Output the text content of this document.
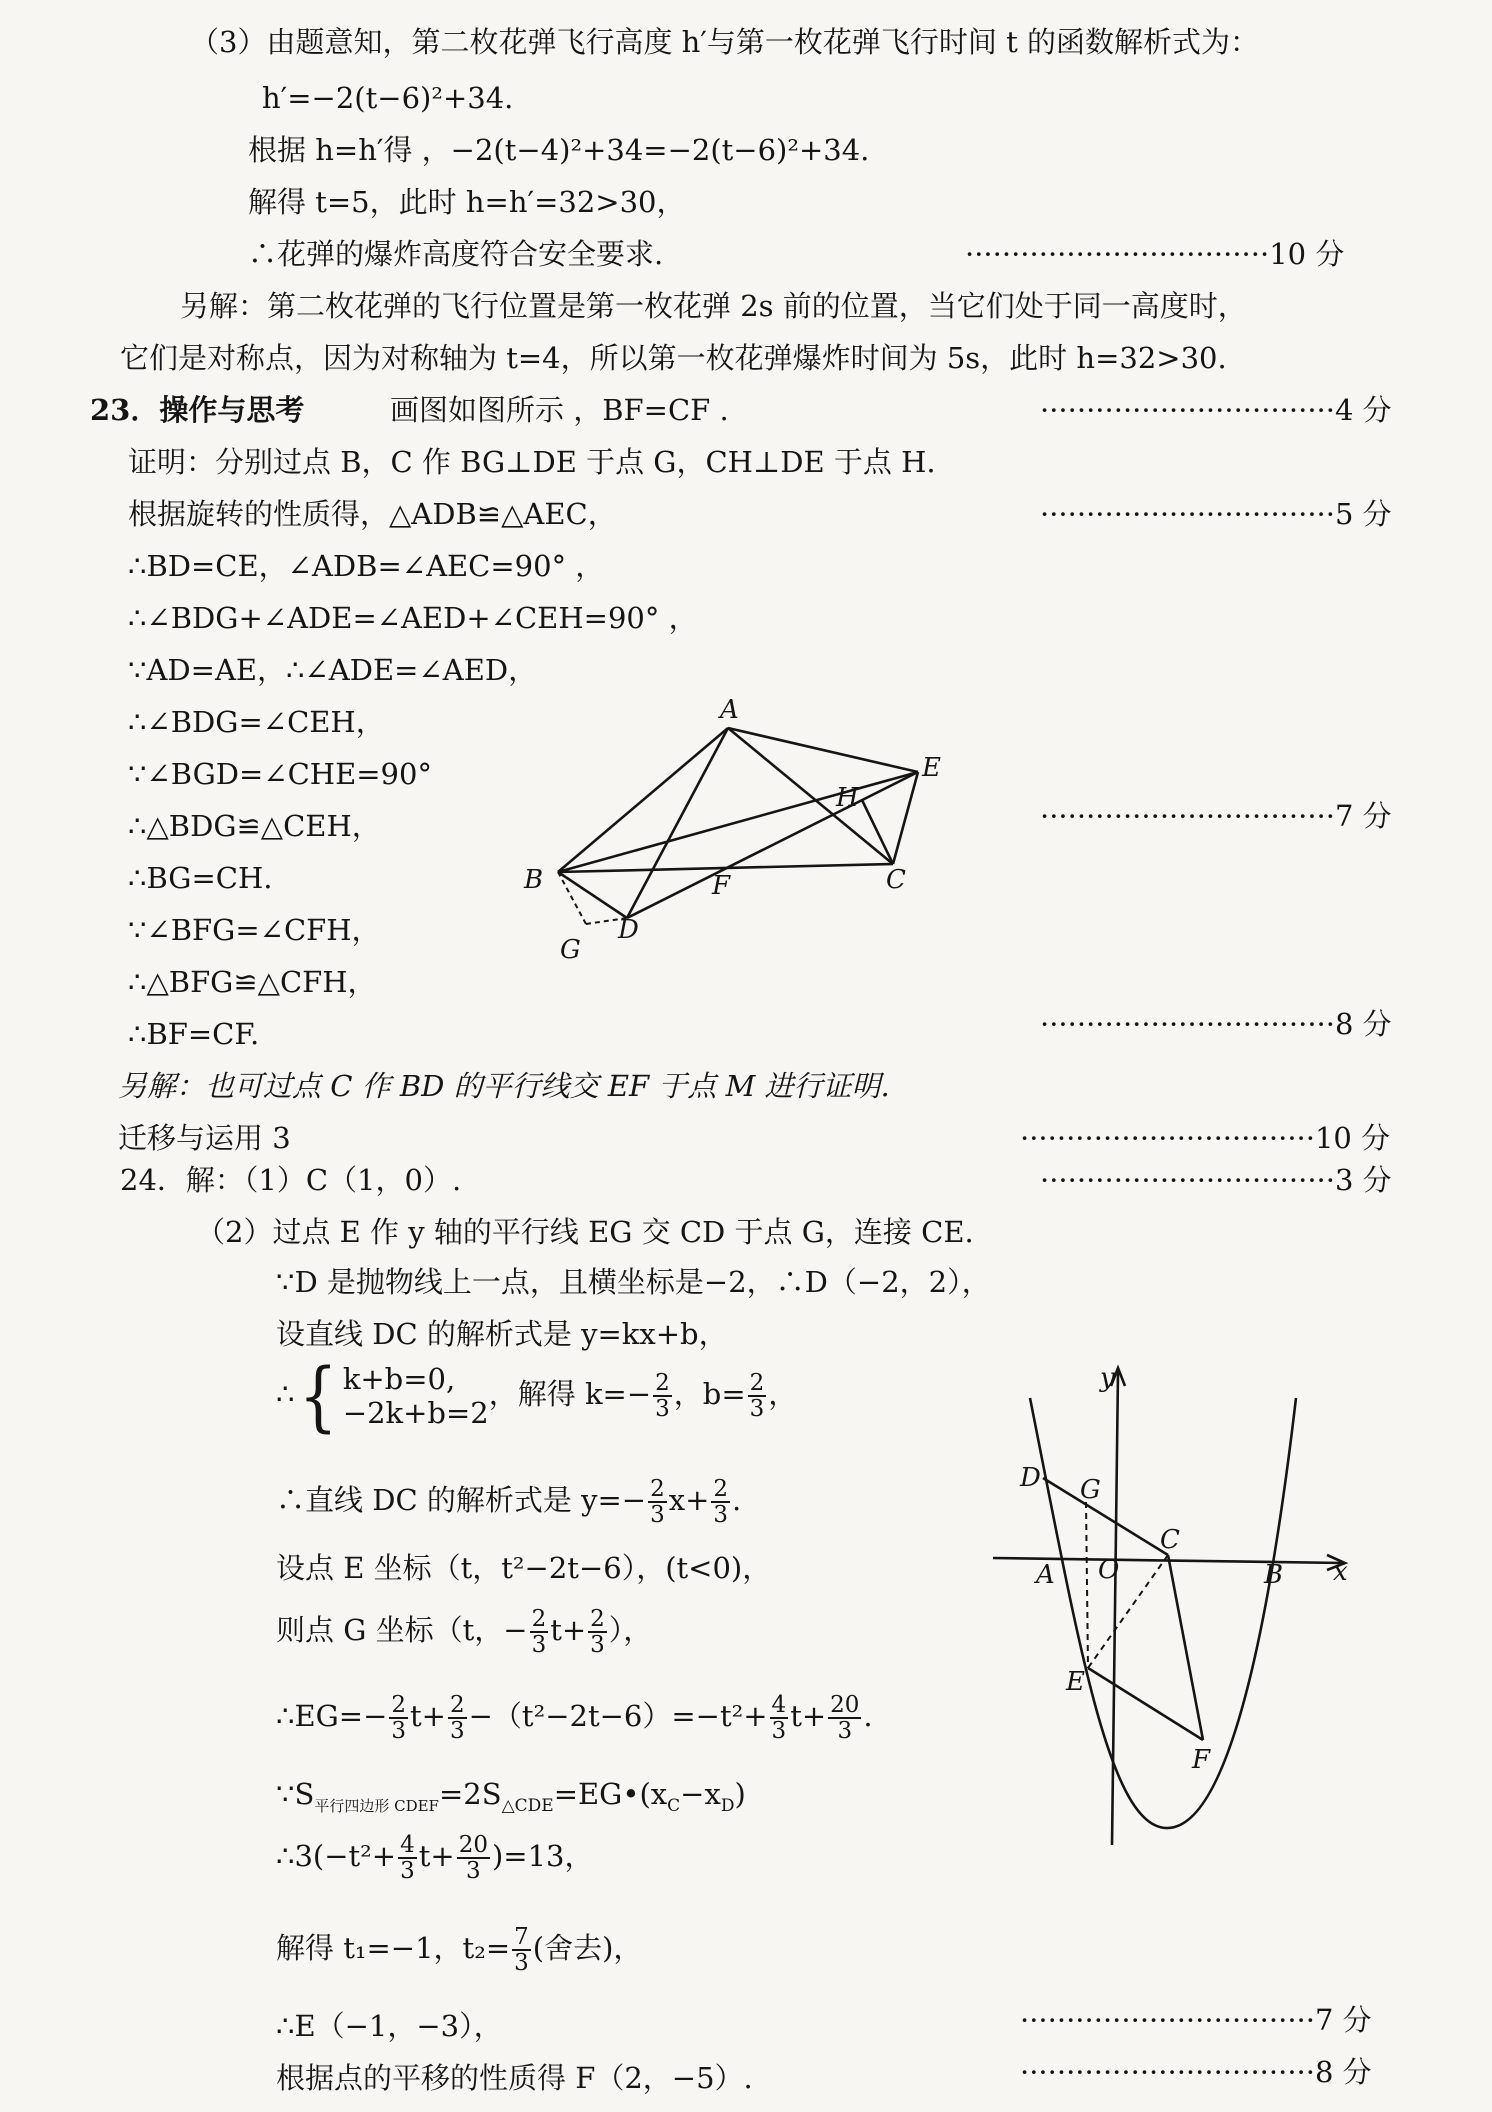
（3）由题意知，第二枚花弹飞行高度 h′与第一枚花弹飞行时间 t 的函数解析式为：
h′=−2(t−6)²+34.
根据 h=h′得 ，−2(t−4)²+34=−2(t−6)²+34.
解得 t=5，此时 h=h′=32>30，
∴花弹的爆炸高度符合安全要求.	·································10 分
另解：第二枚花弹的飞行位置是第一枚花弹 2s 前的位置，当它们处于同一高度时，
它们是对称点，因为对称轴为 t=4，所以第一枚花弹爆炸时间为 5s，此时 h=32>30.
23．操作与思考	画图如图所示 ，BF=CF .	································4 分
证明：分别过点 B，C 作 BG⊥DE 于点 G，CH⊥DE 于点 H.
根据旋转的性质得，△ADB≌△AEC，	································5 分
∴BD=CE，∠ADB=∠AEC=90° ，
∴∠BDG+∠ADE=∠AED+∠CEH=90° ，
∵AD=AE，∴∠ADE=∠AED，
∴∠BDG=∠CEH，
∵∠BGD=∠CHE=90°
∴△BDG≌△CEH，	································7 分
∴BG=CH.
∵∠BFG=∠CFH，
∴△BFG≌△CFH，
∴BF=CF.	································8 分
另解：也可过点 C 作 BD 的平行线交 EF 于点 M 进行证明.
迁移与运用 3	································10 分
A
E
H
B	F	C
D
G
24．解：（1）C（1，0）.	································3 分
（2）过点 E 作 y 轴的平行线 EG 交 CD 于点 G，连接 CE.
∵D 是抛物线上一点，且横坐标是−2，∴D（−2，2），
设直线 DC 的解析式是 y=kx+b，
∴{ k+b=0,
−2k+b=2
，解得 $k=- \frac{2}{3}$ ，$b= \frac{2}{3}$ ，
∴直线 DC 的解析式是 $y=- \frac{2}{3} x+ \frac{2}{3}$ .
设点 E 坐标（t，t²−2t−6），(t<0)，
则点 G 坐标（t，− $\frac{2}{3} t+ \frac{2}{3}$ ），
∴EG=− $\frac{2}{3} t+ \frac{2}{3} -(t^2-2t-6)=-t^2+ \frac{4}{3} t+ \frac{20}{3}$ .
$\because S_{平行四边形 CDEF}=2S_{\triangle CDE}=EG•(x_C-x_D)$
∴3(−t²+ $\frac{4}{3} t+ \frac{20}{3} )=13$，
解得 t₁=−1，$t_2= \frac{7}{3}$ (舍去)，
∴E（−1，−3），	································7 分
根据点的平移的性质得 F（2，−5）.	································8 分
y
x
D G
C
A O	B
E
F
